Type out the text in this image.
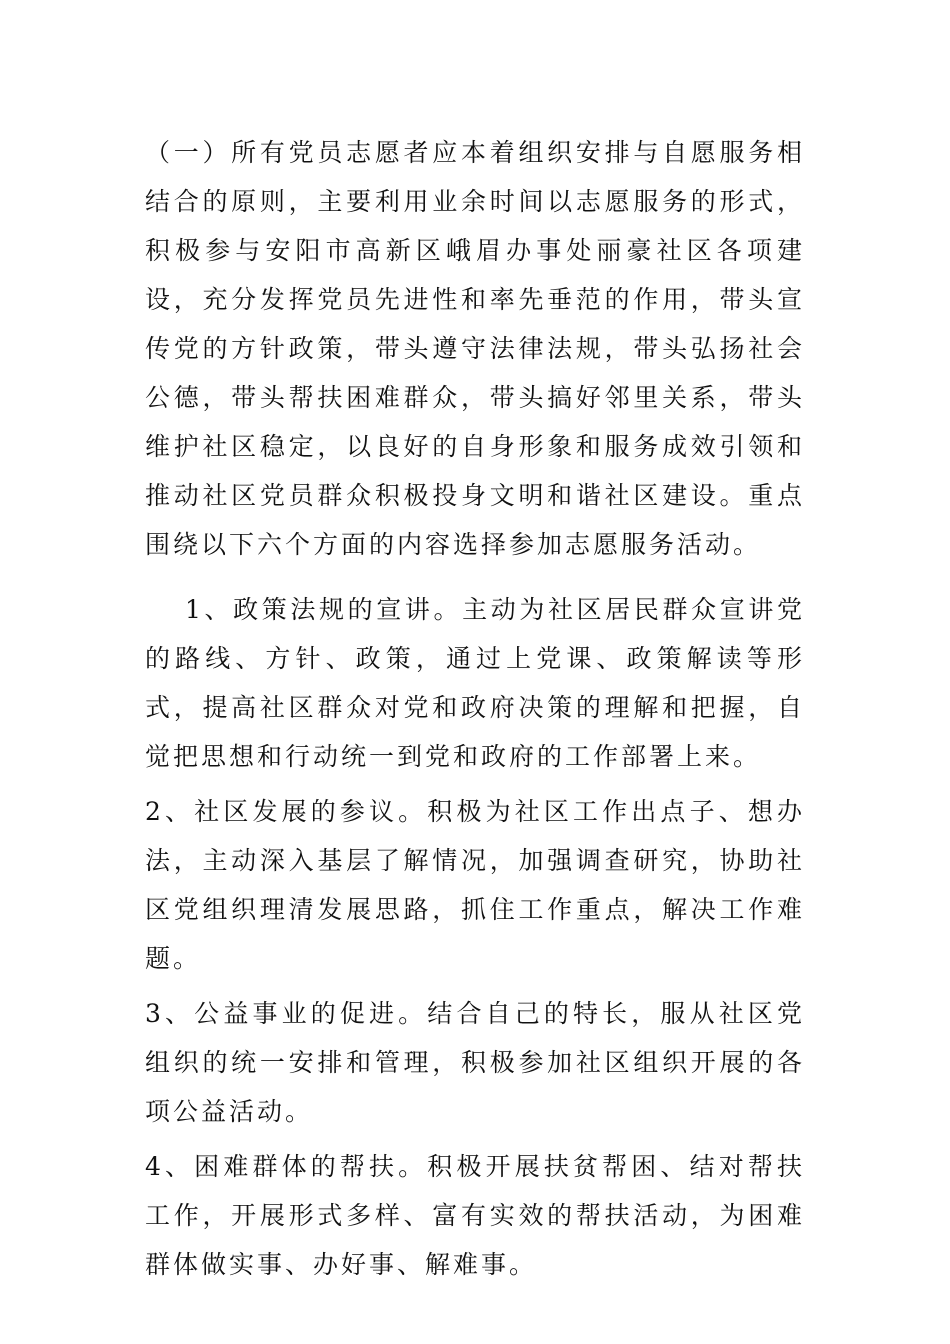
（一）所有党员志愿者应本着组织安排与自愿服务相结合的原则，主要利用业余时间以志愿服务的形式，积极参与安阳市高新区峨眉办事处丽豪社区各项建设，充分发挥党员先进性和率先垂范的作用，带头宣传党的方针政策，带头遵守法律法规，带头弘扬社会公德，带头帮扶困难群众，带头搞好邻里关系，带头维护社区稳定，以良好的自身形象和服务成效引领和推动社区党员群众积极投身文明和谐社区建设。重点围绕以下六个方面的内容选择参加志愿服务活动。

1、政策法规的宣讲。主动为社区居民群众宣讲党的路线、方针、政策，通过上党课、政策解读等形式，提高社区群众对党和政府决策的理解和把握，自觉把思想和行动统一到党和政府的工作部署上来。

2、社区发展的参议。积极为社区工作出点子、想办法，主动深入基层了解情况，加强调查研究，协助社区党组织理清发展思路，抓住工作重点，解决工作难题。

3、公益事业的促进。结合自己的特长，服从社区党组织的统一安排和管理，积极参加社区组织开展的各项公益活动。

4、困难群体的帮扶。积极开展扶贫帮困、结对帮扶工作，开展形式多样、富有实效的帮扶活动，为困难群体做实事、办好事、解难事。
